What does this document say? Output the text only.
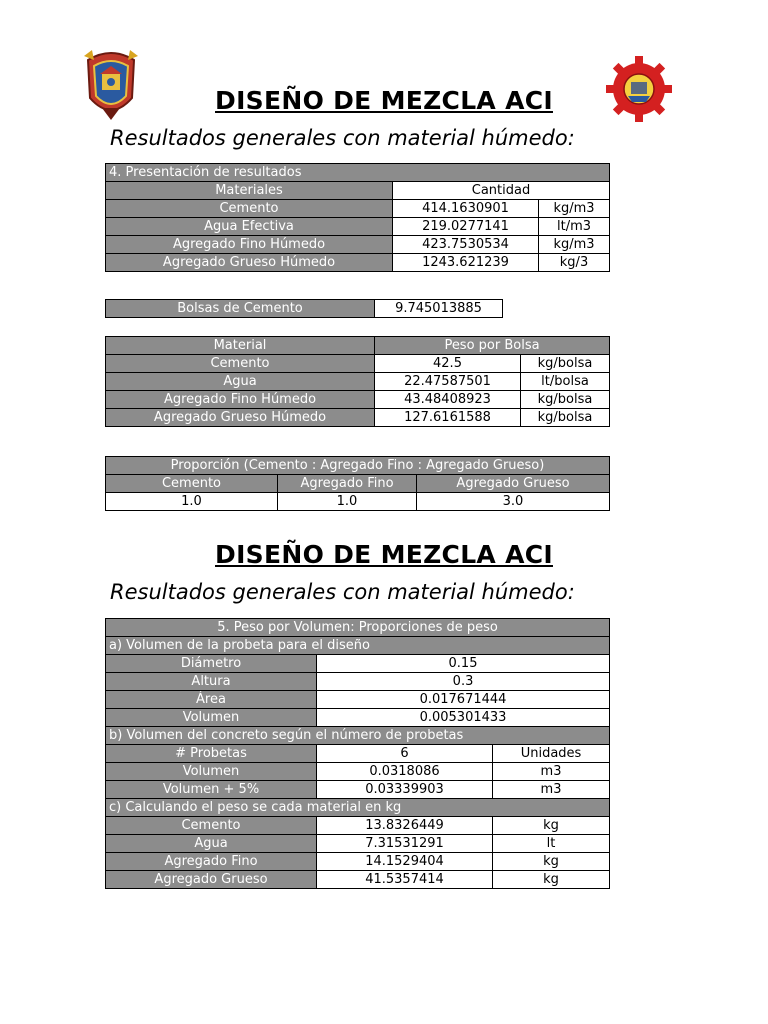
DISEÑO DE MEZCLA ACI
Resultados generales con material húmedo:
4. Presentación de resultados		
Materiales	Cantidad	
Cemento	414.1630901	kg/m3
Agua Efectiva	219.0277141	lt/m3
Agregado Fino Húmedo	423.7530534	kg/m3
Agregado Grueso Húmedo	1243.621239	kg/3
Bolsas de Cemento	9.745013885
Material	Peso por Bolsa	
Cemento	42.5	kg/bolsa
Agua	22.47587501	lt/bolsa
Agregado Fino Húmedo	43.48408923	kg/bolsa
Agregado Grueso Húmedo	127.6161588	kg/bolsa
Proporción (Cemento : Agregado Fino : Agregado Grueso)		
Cemento	Agregado Fino	Agregado Grueso
1.0	1.0	3.0
DISEÑO DE MEZCLA ACI
Resultados generales con material húmedo:
5. Peso por Volumen: Proporciones de peso		
a) Volumen de la probeta para el diseño		
Diámetro	0.15	
Altura	0.3	
Área	0.017671444	
Volumen	0.005301433	
b) Volumen del concreto según el número de probetas		
# Probetas	6	Unidades
Volumen	0.0318086	m3
Volumen + 5%	0.03339903	m3
c) Calculando el peso se cada material en kg		
Cemento	13.8326449	kg
Agua	7.31531291	lt
Agregado Fino	14.1529404	kg
Agregado Grueso	41.5357414	kg
